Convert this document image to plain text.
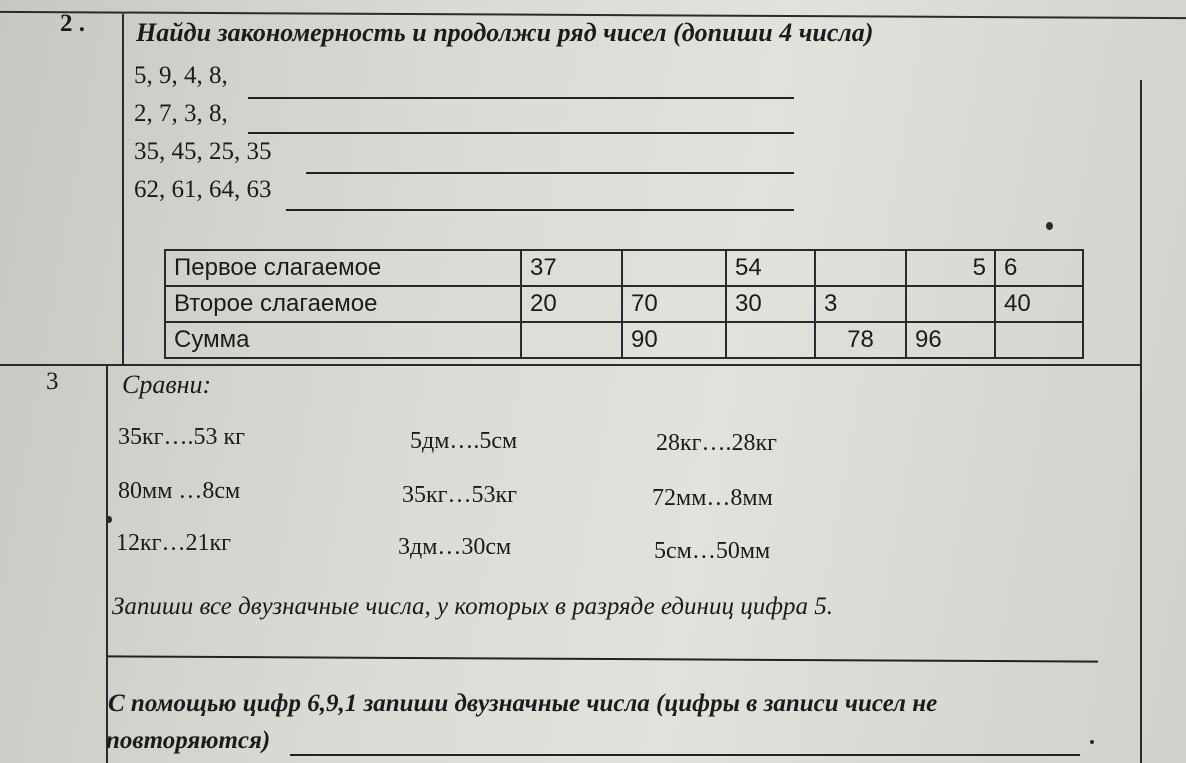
2 . Найди закономерность и продолжи ряд чисел (допиши 4 числа)
5, 9, 4, 8,
2, 7, 3, 8,
35, 45, 25, 35
62, 61, 64, 63
Первое слагаемое	37		54		5	6
Второе слагаемое	20	70	30	3		40
Сумма		90		78	96	
3 Сравни:
35кг….53 кг	5дм….5см	28кг….28кг
80мм …8см	35кг…53кг	72мм…8мм
12кг…21кг	3дм…30см	5см…50мм
Запиши все двузначные числа, у которых в разряде единиц цифра 5.
С помощью цифр 6,9,1 запиши двузначные числа (цифры в записи чисел не
повторяются)
